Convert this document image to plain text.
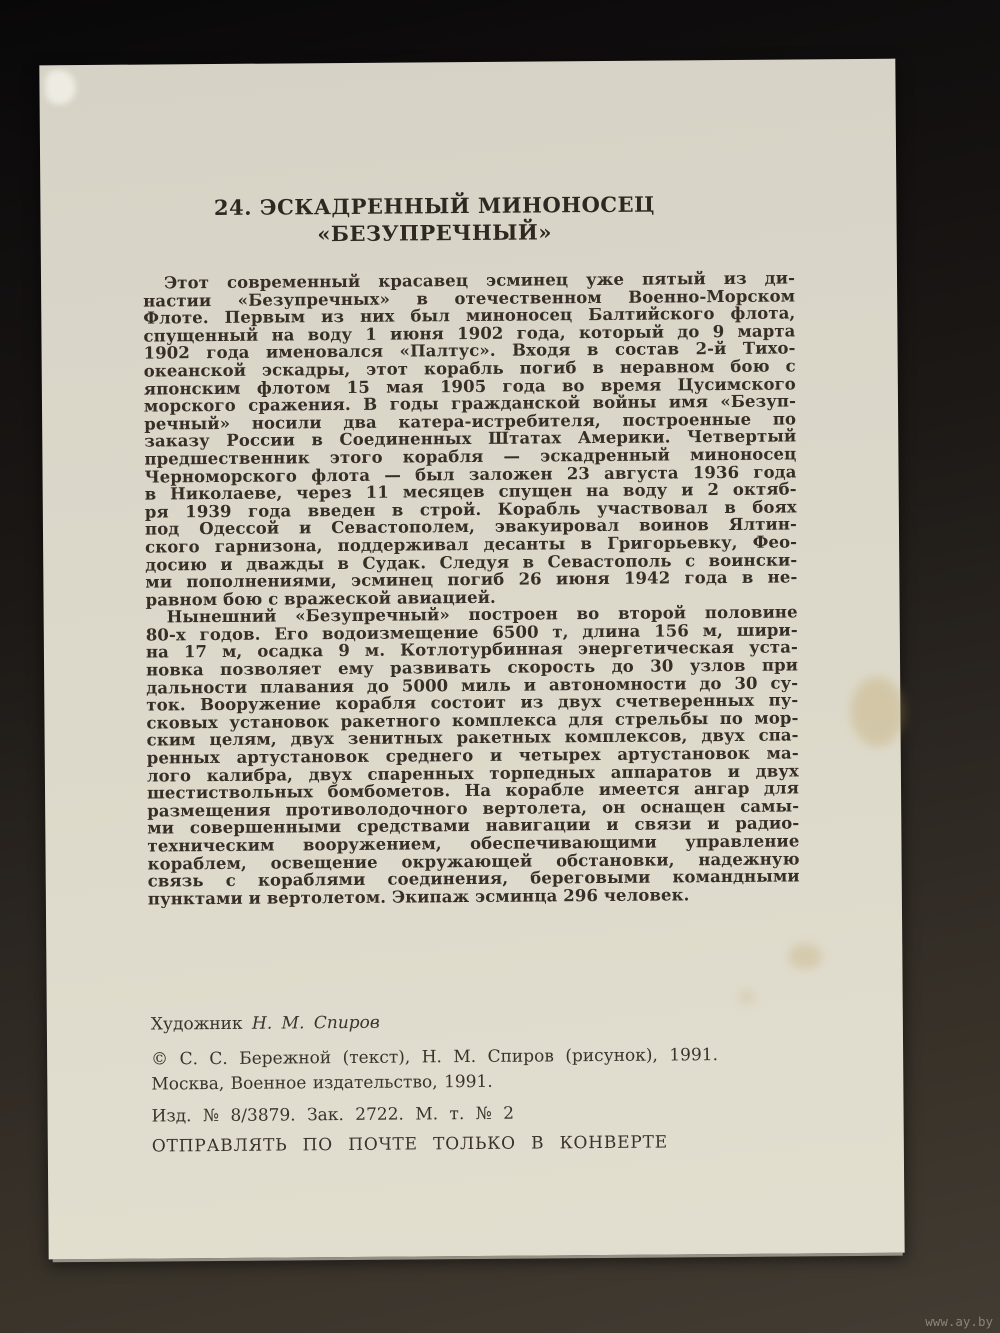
24. ЭСКАДРЕННЫЙ МИНОНОСЕЦ
«БЕЗУПРЕЧНЫЙ»
Этот современный красавец эсминец уже пятый из ди-
настии «Безупречных» в отечественном Военно-Морском
Флоте. Первым из них был миноносец Балтийского флота,
спущенный на воду 1 июня 1902 года, который до 9 марта
1902 года именовался «Палтус». Входя в состав 2-й Тихо-
океанской эскадры, этот корабль погиб в неравном бою с
японским флотом 15 мая 1905 года во время Цусимского
морского сражения. В годы гражданской войны имя «Безуп-
речный» носили два катера-истребителя, построенные по
заказу России в Соединенных Штатах Америки. Четвертый
предшественник этого корабля — эскадренный миноносец
Черноморского флота — был заложен 23 августа 1936 года
в Николаеве, через 11 месяцев спущен на воду и 2 октяб-
ря 1939 года введен в строй. Корабль участвовал в боях
под Одессой и Севастополем, эвакуировал воинов Ялтин-
ского гарнизона, поддерживал десанты в Григорьевку, Фео-
досию и дважды в Судак. Следуя в Севастополь с воински-
ми пополнениями, эсминец погиб 26 июня 1942 года в не-
равном бою с вражеской авиацией.
Нынешний «Безупречный» построен во второй половине
80-х годов. Его водоизмещение 6500 т, длина 156 м, шири-
на 17 м, осадка 9 м. Котлотурбинная энергетическая уста-
новка позволяет ему развивать скорость до 30 узлов при
дальности плавания до 5000 миль и автономности до 30 су-
ток. Вооружение корабля состоит из двух счетверенных пу-
сковых установок ракетного комплекса для стрельбы по мор-
ским целям, двух зенитных ракетных комплексов, двух спа-
ренных артустановок среднего и четырех артустановок ма-
лого калибра, двух спаренных торпедных аппаратов и двух
шестиствольных бомбометов. На корабле имеется ангар для
размещения противолодочного вертолета, он оснащен самы-
ми совершенными средствами навигации и связи и радио-
техническим вооружением, обеспечивающими управление
кораблем, освещение окружающей обстановки, надежную
связь с кораблями соединения, береговыми командными
пунктами и вертолетом. Экипаж эсминца 296 человек.
Художник Н. М. Спиров
© С. С. Бережной (текст), Н. М. Спиров (рисунок), 1991.
Москва, Военное издательство, 1991.
Изд. № 8/3879. Зак. 2722. М. т. № 2
ОТПРАВЛЯТЬ ПО ПОЧТЕ ТОЛЬКО В КОНВЕРТЕ
www.ay.by
